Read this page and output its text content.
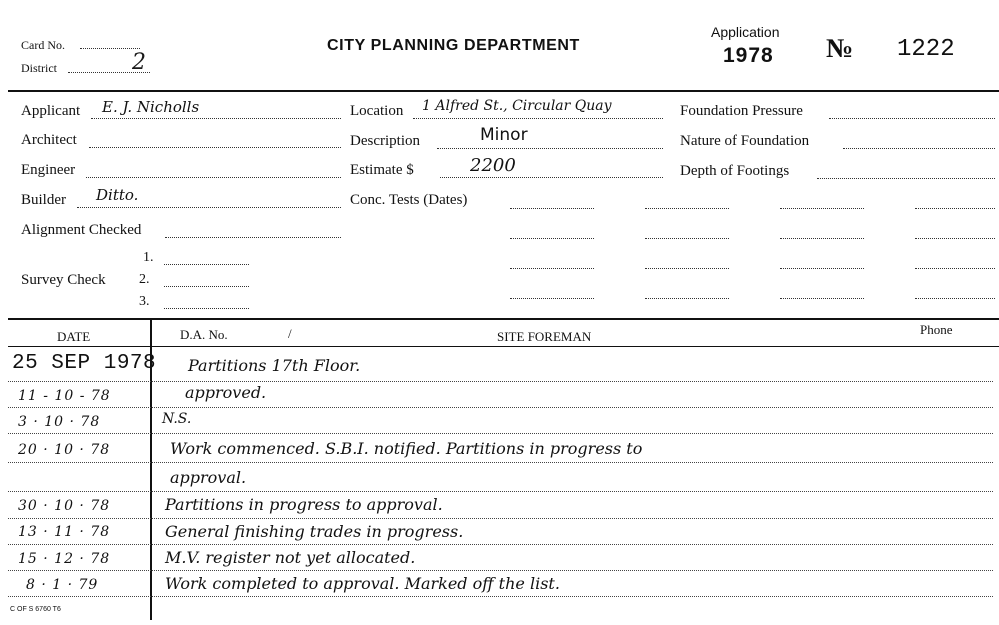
Card No.
District	2
CITY PLANNING DEPARTMENT
Application
1978 № 1222
Applicant E. J. Nicholls
Architect
Engineer
Builder Ditto.
Alignment Checked
Survey Check
1.
2.
3.
Location 1 Alfred St., Circular Quay
Description	Minor
Estimate $	2200
Conc. Tests (Dates)
Foundation Pressure
Nature of Foundation
Depth of Footings
DATE	D.A. No.	/	SITE FOREMAN	Phone
25 SEP 1978 Partitions 17th Floor.
11 - 10 - 78	approved.
3 · 10 · 78	N.S.
20 · 10 · 78	Work commenced. S.B.I. notified. Partitions in progress to
approval.
30 · 10 · 78	Partitions in progress to approval.
13 · 11 · 78	General finishing trades in progress.
15 · 12 · 78	M.V. register not yet allocated.
8 · 1 · 79	Work completed to approval. Marked off the list.
C OF S 6760 T6
